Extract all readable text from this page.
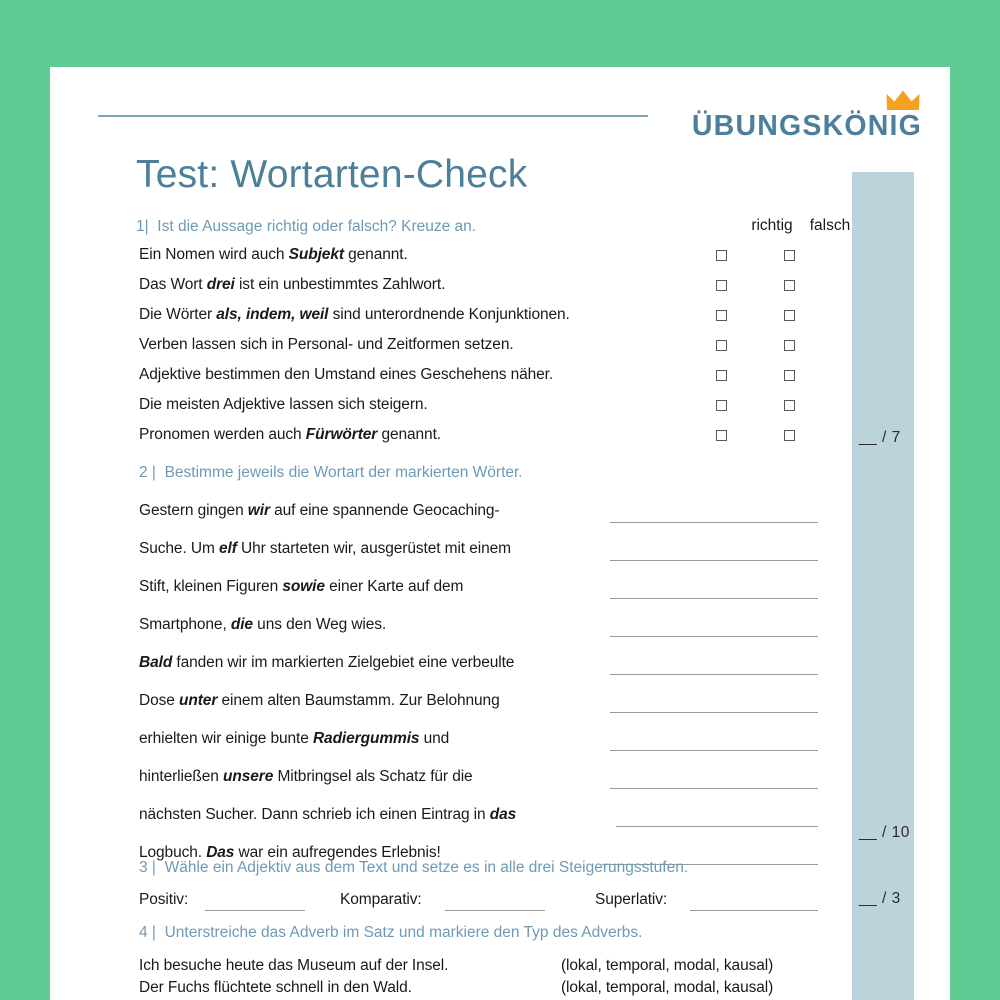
ÜBUNGSKÖNIG
Test: Wortarten-Check
1| Ist die Aussage richtig oder falsch? Kreuze an.	richtig	falsch
Ein Nomen wird auch Subjekt genannt.
Das Wort drei ist ein unbestimmtes Zahlwort.
Die Wörter als, indem, weil sind unterordnende Konjunktionen.
Verben lassen sich in Personal- und Zeitformen setzen.
Adjektive bestimmen den Umstand eines Geschehens näher.
Die meisten Adjektive lassen sich steigern.
Pronomen werden auch Fürwörter genannt.	__ / 7
2 | Bestimme jeweils die Wortart der markierten Wörter.
Gestern gingen wir auf eine spannende Geocaching-
Suche. Um elf Uhr starteten wir, ausgerüstet mit einem
Stift, kleinen Figuren sowie einer Karte auf dem
Smartphone, die uns den Weg wies.
Bald fanden wir im markierten Zielgebiet eine verbeulte
Dose unter einem alten Baumstamm. Zur Belohnung
erhielten wir einige bunte Radiergummis und
hinterließen unsere Mitbringsel als Schatz für die
nächsten Sucher. Dann schrieb ich einen Eintrag in das
Logbuch. Das war ein aufregendes Erlebnis!
__ / 10
3 | Wähle ein Adjektiv aus dem Text und setze es in alle drei Steigerungsstufen.
Positiv:	Komparativ:	Superlativ:	__ / 3
4 | Unterstreiche das Adverb im Satz und markiere den Typ des Adverbs.
Ich besuche heute das Museum auf der Insel.	(lokal, temporal, modal, kausal)
Der Fuchs flüchtete schnell in den Wald.	(lokal, temporal, modal, kausal)
